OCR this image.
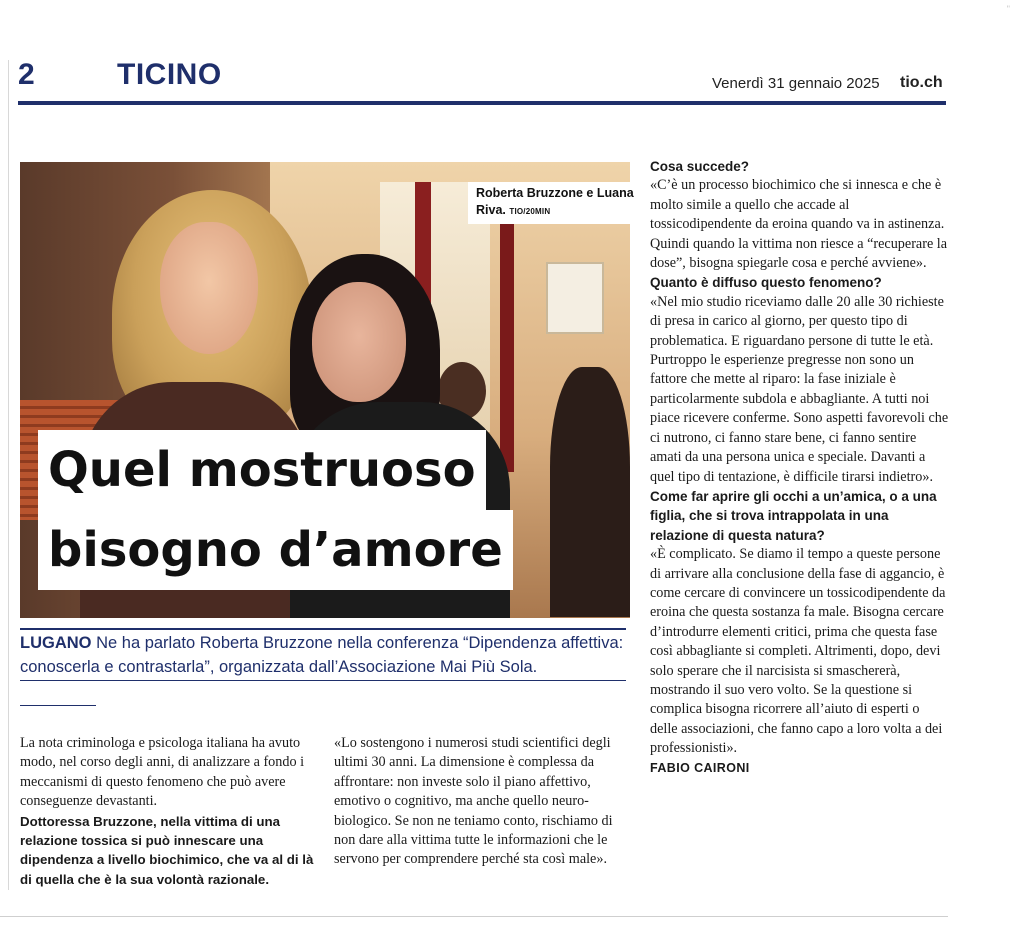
"
2	TICINO	Venerdì 31 gennaio 2025 tio.ch
Roberta Bruzzone e Luana Riva. TIO/20MIN
Quel mostruoso
bisogno d’amore
LUGANO Ne ha parlato Roberta Bruzzone nella conferenza “Dipendenza affettiva: conoscerla e contrastarla”, organizzata dall’Associazione Mai Più Sola.

La nota criminologa e psicologa italiana ha avuto modo, nel corso degli anni, di analizzare a fondo i meccanismi di questo fenomeno che può avere conseguenze devastanti.

Dottoressa Bruzzone, nella vittima di una relazione tossica si può innescare una dipendenza a livello biochimico, che va al di là di quella che è la sua volontà razionale.

«Lo sostengono i numerosi studi scientifici degli ultimi 30 anni. La dimensione è complessa da affrontare: non investe solo il piano affettivo, emotivo o cognitivo, ma anche quello neuro-biologico. Se non ne teniamo conto, rischiamo di non dare alla vittima tutte le informazioni che le servono per comprendere perché sta così male».

Cosa succede?

«C’è un processo biochimico che si innesca e che è molto simile a quello che accade al tossicodipendente da eroina quando va in astinenza. Quindi quando la vittima non riesce a “recuperare la dose”, bisogna spiegarle cosa e perché avviene».

Quanto è diffuso questo fenomeno?

«Nel mio studio riceviamo dalle 20 alle 30 richieste di presa in carico al giorno, per questo tipo di problematica. E riguardano persone di tutte le età. Purtroppo le esperienze pregresse non sono un fattore che mette al riparo: la fase iniziale è particolarmente subdola e abbagliante. A tutti noi piace ricevere conferme. Sono aspetti favorevoli che ci nutrono, ci fanno stare bene, ci fanno sentire amati da una persona unica e speciale. Davanti a quel tipo di tentazione, è difficile tirarsi indietro».

Come far aprire gli occhi a un’amica, o a una figlia, che si trova intrappolata in una relazione di questa natura?

«È complicato. Se diamo il tempo a queste persone di arrivare alla conclusione della fase di aggancio, è come cercare di convincere un tossicodipendente da eroina che questa sostanza fa male. Bisogna cercare d’introdurre elementi critici, prima che questa fase così abbagliante si completi. Altrimenti, dopo, devi solo sperare che il narcisista si smaschererà, mostrando il suo vero volto. Se la questione si complica bisogna ricorrere all’aiuto di esperti o delle associazioni, che fanno capo a loro volta a dei professionisti».

FABIO CAIRONI
